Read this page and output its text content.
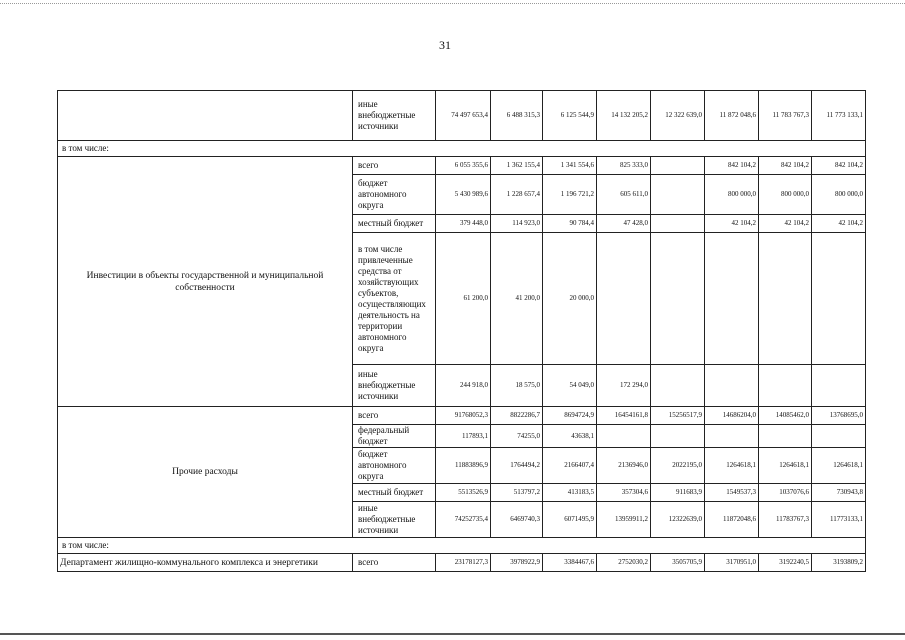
31
	иные внебюджетные источники	74 497 653,4	6 488 315,3	6 125 544,9	14 132 205,2	12 322 639,0	11 872 048,6	11 783 767,3	11 773 133,1
в том числе:									
Инвестиции в объекты государственной и муниципальной собственности	всего	6 055 355,6	1 362 155,4	1 341 554,6	825 333,0		842 104,2	842 104,2	842 104,2
	бюджет автономного округа	5 430 989,6	1 228 657,4	1 196 721,2	605 611,0		800 000,0	800 000,0	800 000,0
	местный бюджет	379 448,0	114 923,0	90 784,4	47 428,0		42 104,2	42 104,2	42 104,2
	в том числе привлеченные средства от хозяйствующих субъектов, осуществляющих деятельность на территории автономного округа	61 200,0	41 200,0	20 000,0					
	иные внебюджетные источники	244 918,0	18 575,0	54 049,0	172 294,0				
Прочие расходы	всего	91768052,3	8822286,7	8694724,9	16454161,8	15256517,9	14686204,0	14085462,0	13768695,0
	федеральный бюджет	117893,1	74255,0	43638,1					
	бюджет автономного округа	11883896,9	1764494,2	2166407,4	2136946,0	2022195,0	1264618,1	1264618,1	1264618,1
	местный бюджет	5513526,9	513797,2	413183,5	357304,6	911683,9	1549537,3	1037076,6	730943,8
	иные внебюджетные источники	74252735,4	6469740,3	6071495,9	13959911,2	12322639,0	11872048,6	11783767,3	11773133,1
в том числе:									
Департамент жилищно-коммунального комплекса и энергетики	всего	23178127,3	3978922,9	3384467,6	2752030,2	3505705,9	3170951,0	3192240,5	3193809,2
